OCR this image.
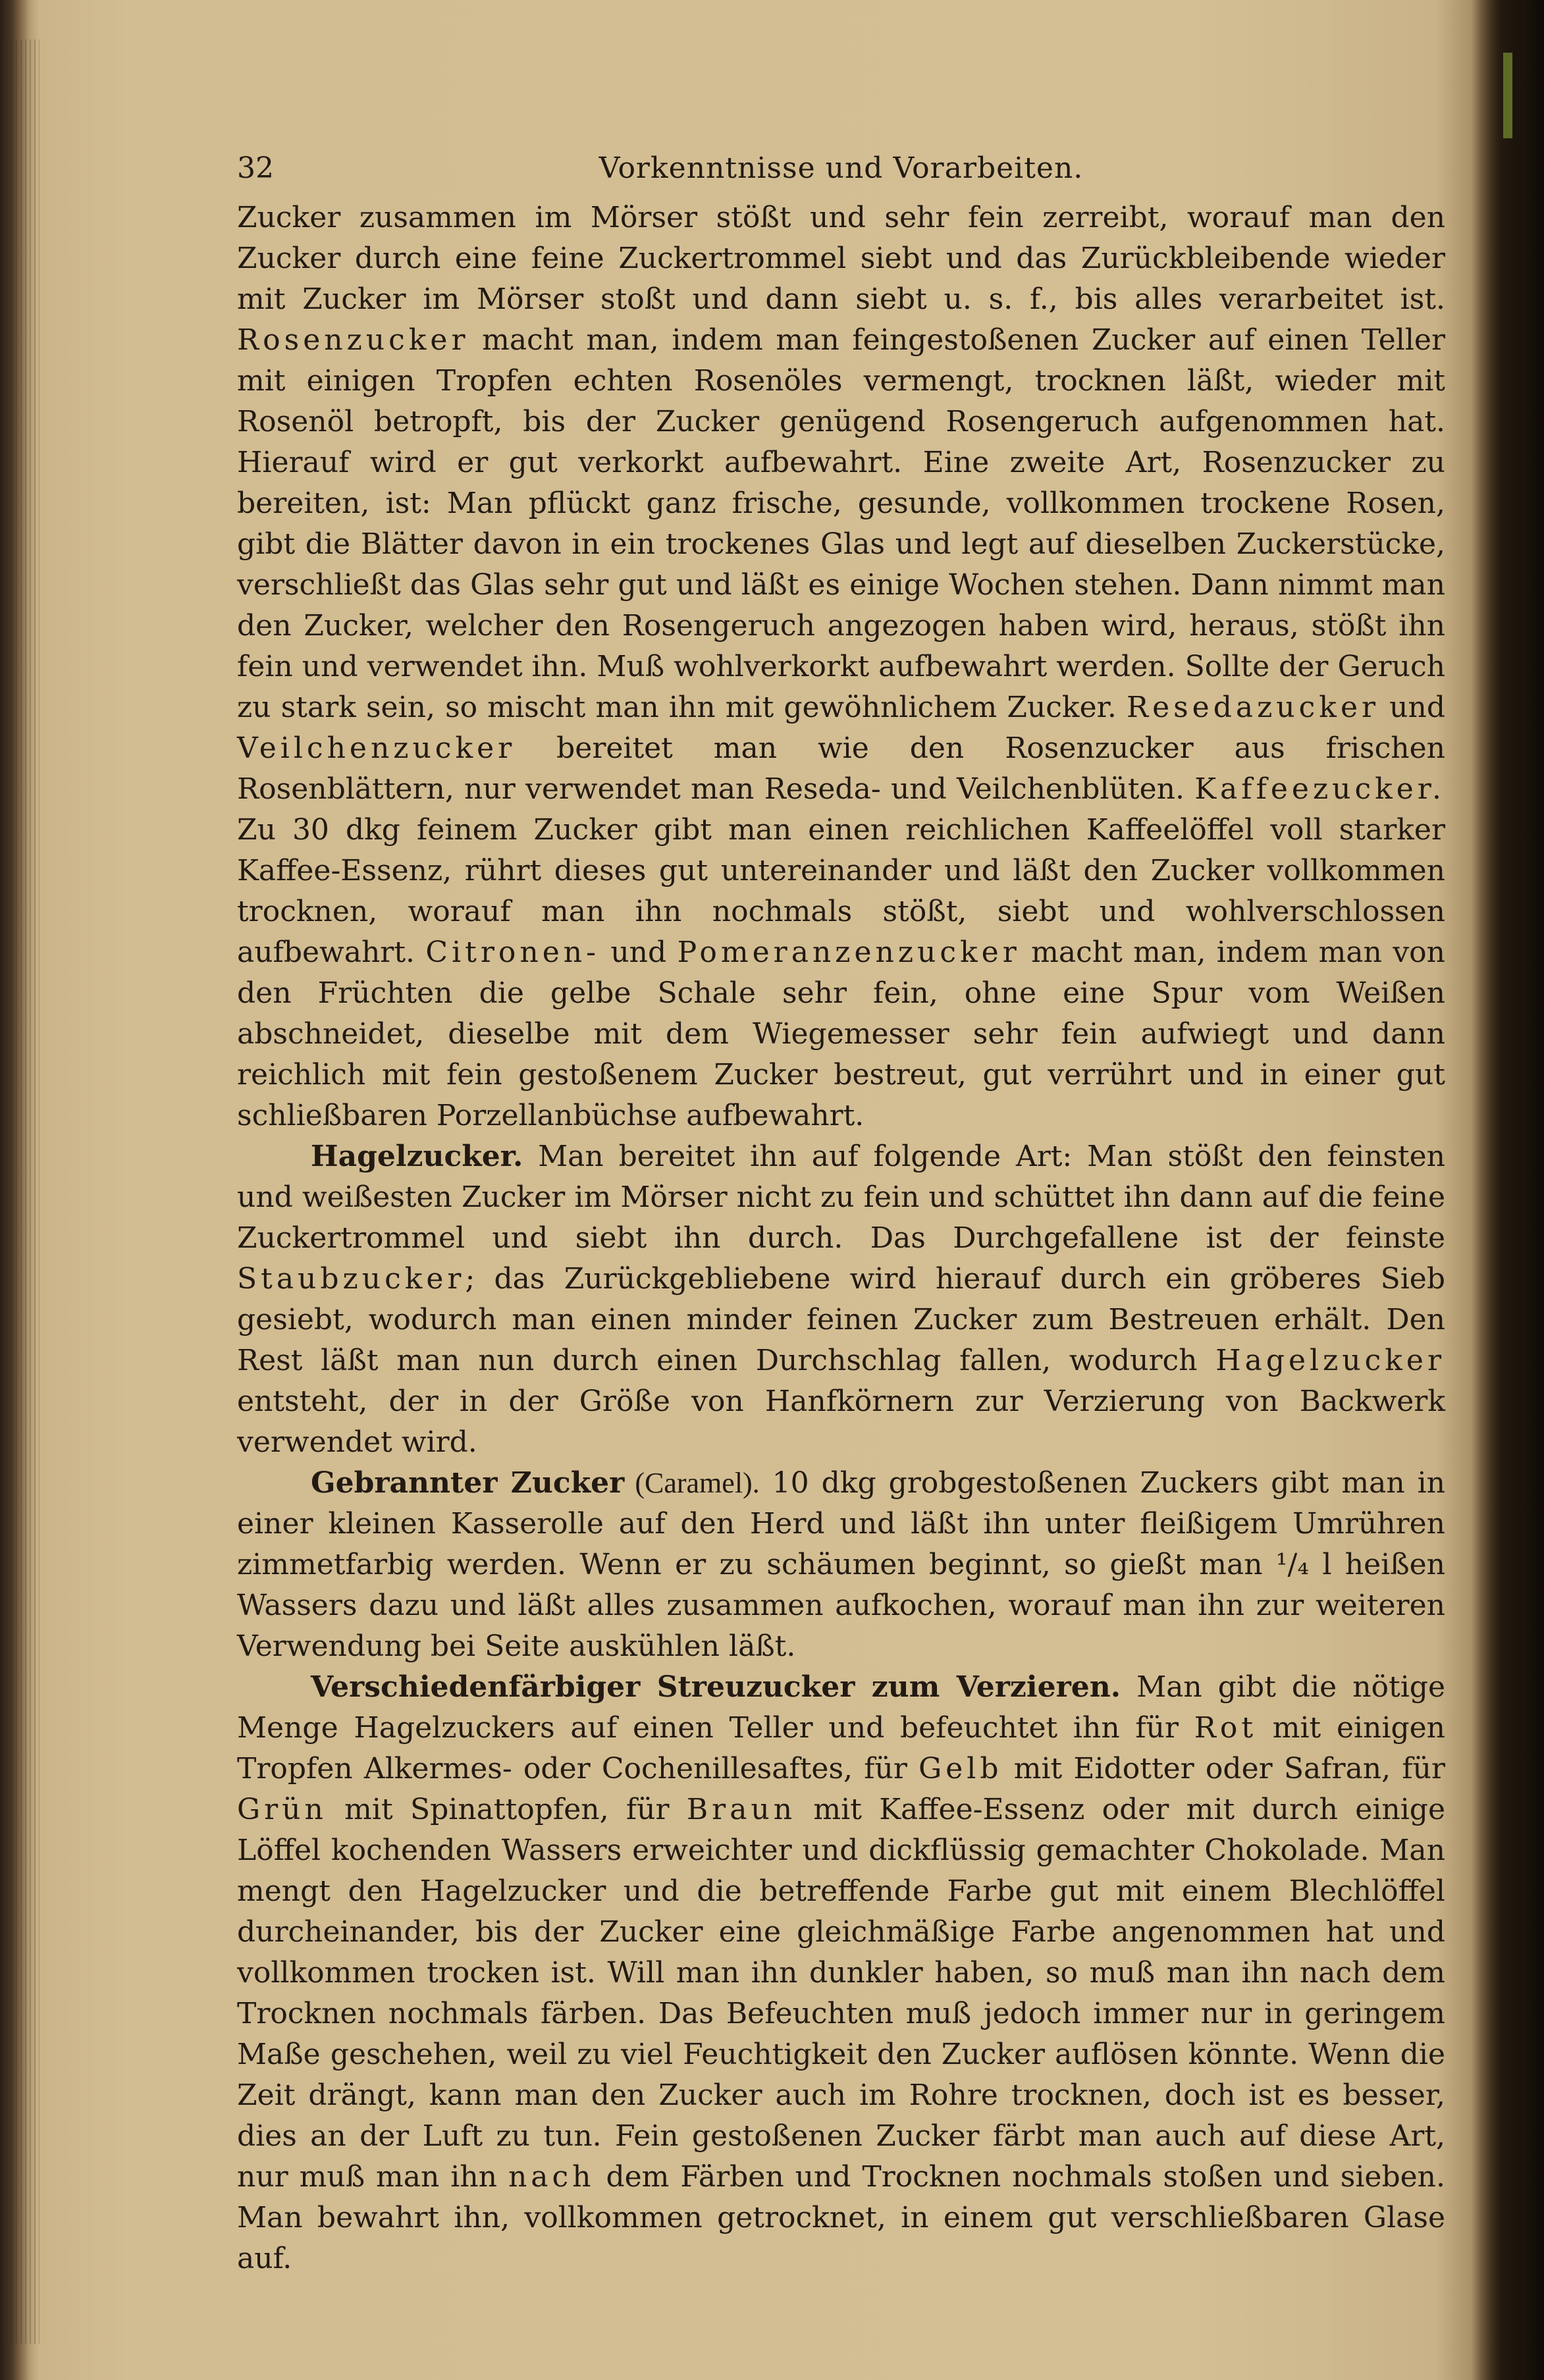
32	Vorkenntnisse und Vorarbeiten.

Zucker zusammen im Mörser stößt und sehr fein zerreibt, worauf man den Zucker durch eine feine Zuckertrommel siebt und das Zurückbleibende wieder mit Zucker im Mörser stoßt und dann siebt u. s. f., bis alles verarbeitet ist. Rosenzucker macht man, indem man feingestoßenen Zucker auf einen Teller mit einigen Tropfen echten Rosenöles vermengt, trocknen läßt, wieder mit Rosenöl betropft, bis der Zucker genügend Rosengeruch aufgenommen hat. Hierauf wird er gut verkorkt aufbewahrt. Eine zweite Art, Rosenzucker zu bereiten, ist: Man pflückt ganz frische, gesunde, vollkommen trockene Rosen, gibt die Blätter davon in ein trockenes Glas und legt auf dieselben Zuckerstücke, verschließt das Glas sehr gut und läßt es einige Wochen stehen. Dann nimmt man den Zucker, welcher den Rosengeruch angezogen haben wird, heraus, stößt ihn fein und verwendet ihn. Muß wohlverkorkt aufbewahrt werden. Sollte der Geruch zu stark sein, so mischt man ihn mit gewöhnlichem Zucker. Resedazucker und Veilchenzucker bereitet man wie den Rosenzucker aus frischen Rosenblättern, nur verwendet man Reseda- und Veilchenblüten. Kaffeezucker. Zu 30 dkg feinem Zucker gibt man einen reichlichen Kaffeelöffel voll starker Kaffee-Essenz, rührt dieses gut untereinander und läßt den Zucker vollkommen trocknen, worauf man ihn nochmals stößt, siebt und wohlverschlossen aufbewahrt. Citronen- und Pomeranzenzucker macht man, indem man von den Früchten die gelbe Schale sehr fein, ohne eine Spur vom Weißen abschneidet, dieselbe mit dem Wiegemesser sehr fein aufwiegt und dann reichlich mit fein gestoßenem Zucker bestreut, gut verrührt und in einer gut schließbaren Porzellanbüchse aufbewahrt.

Hagelzucker. Man bereitet ihn auf folgende Art: Man stößt den feinsten und weißesten Zucker im Mörser nicht zu fein und schüttet ihn dann auf die feine Zuckertrommel und siebt ihn durch. Das Durchgefallene ist der feinste Staubzucker; das Zurückgebliebene wird hierauf durch ein gröberes Sieb gesiebt, wodurch man einen minder feinen Zucker zum Bestreuen erhält. Den Rest läßt man nun durch einen Durchschlag fallen, wodurch Hagelzucker entsteht, der in der Größe von Hanfkörnern zur Verzierung von Backwerk verwendet wird.

Gebrannter Zucker (Caramel). 10 dkg grobgestoßenen Zuckers gibt man in einer kleinen Kasserolle auf den Herd und läßt ihn unter fleißigem Umrühren zimmetfarbig werden. Wenn er zu schäumen beginnt, so gießt man ¹/₄ l heißen Wassers dazu und läßt alles zusammen aufkochen, worauf man ihn zur weiteren Verwendung bei Seite auskühlen läßt.

Verschiedenfärbiger Streuzucker zum Verzieren. Man gibt die nötige Menge Hagelzuckers auf einen Teller und befeuchtet ihn für Rot mit einigen Tropfen Alkermes- oder Cochenillesaftes, für Gelb mit Eidotter oder Safran, für Grün mit Spinattopfen, für Braun mit Kaffee-Essenz oder mit durch einige Löffel kochenden Wassers erweichter und dickflüssig gemachter Chokolade. Man mengt den Hagelzucker und die betreffende Farbe gut mit einem Blechlöffel durcheinander, bis der Zucker eine gleichmäßige Farbe angenommen hat und vollkommen trocken ist. Will man ihn dunkler haben, so muß man ihn nach dem Trocknen nochmals färben. Das Befeuchten muß jedoch immer nur in geringem Maße geschehen, weil zu viel Feuchtigkeit den Zucker auflösen könnte. Wenn die Zeit drängt, kann man den Zucker auch im Rohre trocknen, doch ist es besser, dies an der Luft zu tun. Fein gestoßenen Zucker färbt man auch auf diese Art, nur muß man ihn nach dem Färben und Trocknen nochmals stoßen und sieben. Man bewahrt ihn, vollkommen getrocknet, in einem gut verschließbaren Glase auf.
